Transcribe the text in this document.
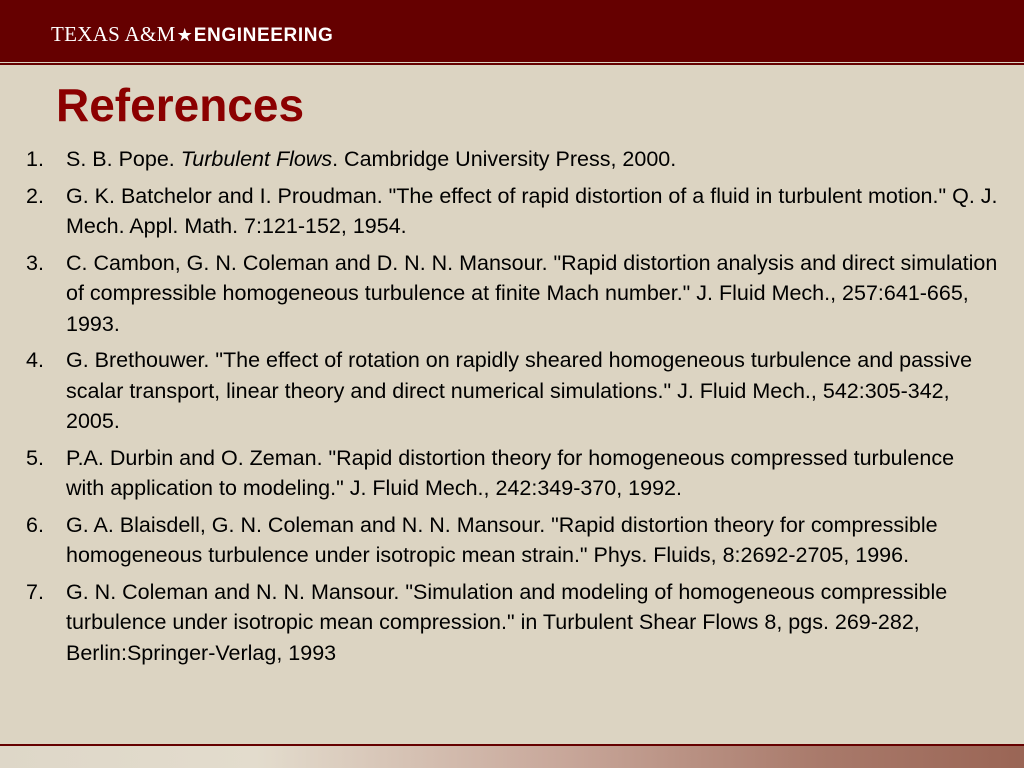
TEXAS A&M★ENGINEERING
References
1.	S. B. Pope. Turbulent Flows. Cambridge University Press, 2000.
2.	G. K. Batchelor and I. Proudman. "The effect of rapid distortion of a fluid in turbulent motion." Q. J. Mech. Appl. Math. 7:121-152, 1954.
3.	C. Cambon, G. N. Coleman and D. N. N. Mansour. "Rapid distortion analysis and direct simulation of compressible homogeneous turbulence at finite Mach number." J. Fluid Mech., 257:641-665, 1993.
4.	G. Brethouwer. "The effect of rotation on rapidly sheared homogeneous turbulence and passive scalar transport, linear theory and direct numerical simulations." J. Fluid Mech., 542:305-342, 2005.
5.	P.A. Durbin and O. Zeman. "Rapid distortion theory for homogeneous compressed turbulence with application to modeling." J. Fluid Mech., 242:349-370, 1992.
6.	G. A. Blaisdell, G. N. Coleman and N. N. Mansour. "Rapid distortion theory for compressible homogeneous turbulence under isotropic mean strain." Phys. Fluids, 8:2692-2705, 1996.
7.	G. N. Coleman and N. N. Mansour. "Simulation and modeling of homogeneous compressible turbulence under isotropic mean compression." in Turbulent Shear Flows 8, pgs. 269-282, Berlin:Springer-Verlag, 1993
